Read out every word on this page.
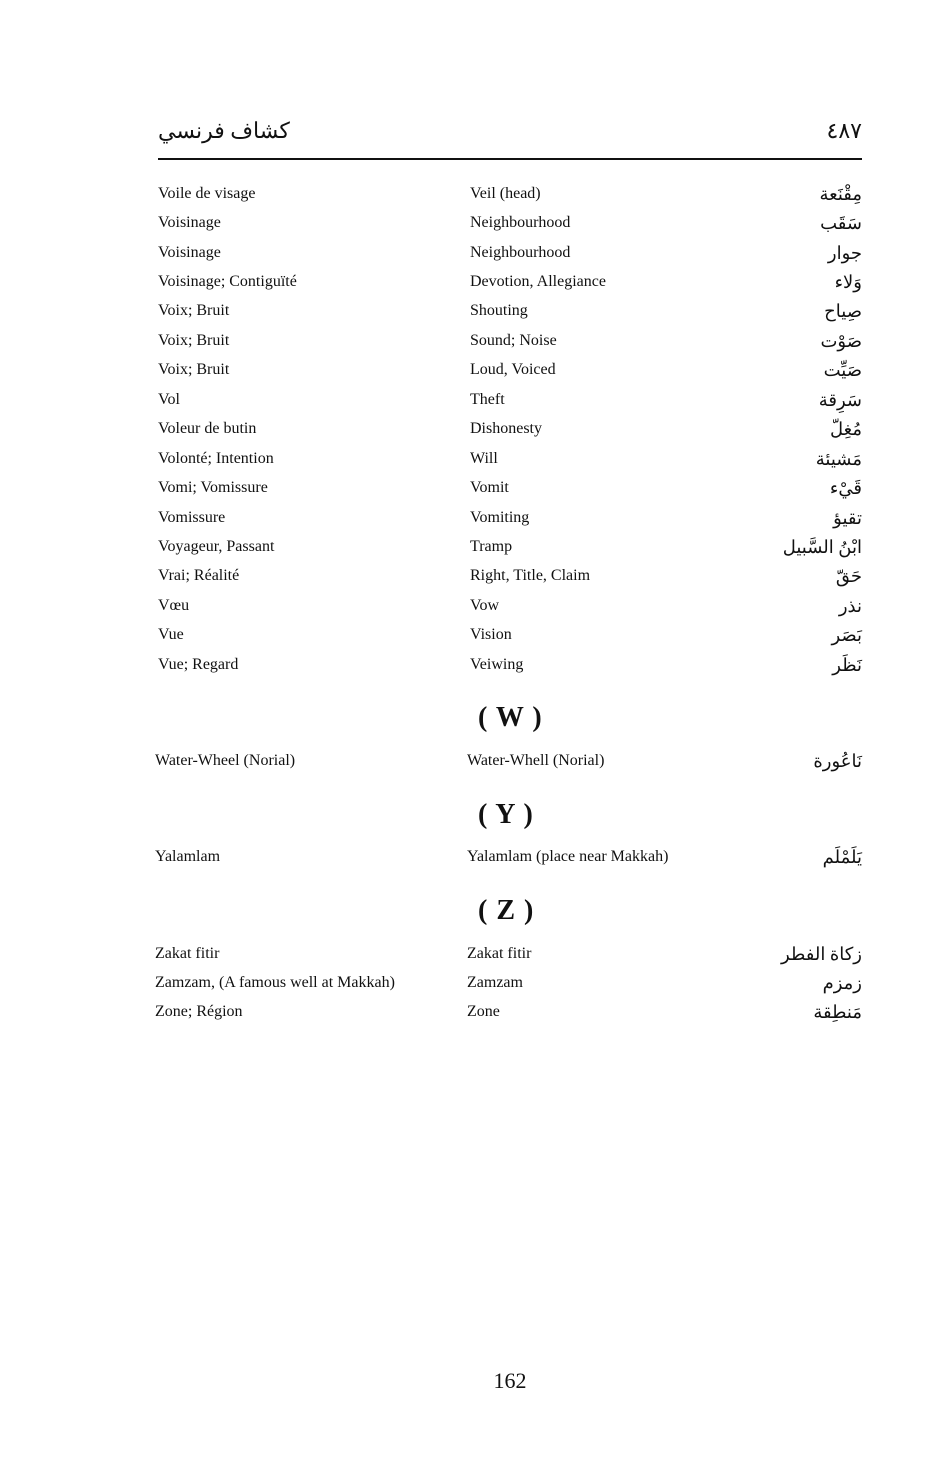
كشاف فرنسي	٤٨٧
Voile de visage	Veil (head)	مِقْنَعة
Voisinage	Neighbourhood	سَقَب
Voisinage	Neighbourhood	جوار
Voisinage; Contiguïté	Devotion, Allegiance	وَلاء
Voix; Bruit	Shouting	صِياح
Voix; Bruit	Sound; Noise	صَوْت
Voix; Bruit	Loud, Voiced	صَيِّت
Vol	Theft	سَرِقة
Voleur de butin	Dishonesty	مُغِلّ
Volonté; Intention	Will	مَشيئة
Vomi; Vomissure	Vomit	قَيْء
Vomissure	Vomiting	تقيؤ
Voyageur, Passant	Tramp	ابْنُ السَّبيل
Vrai; Réalité	Right, Title, Claim	حَقّ
Vœu	Vow	نذر
Vue	Vision	بَصَر
Vue; Regard	Veiwing	نَظَر
( W )
Water-Wheel (Norial)	Water-Whell (Norial)	نَاعُورة
( Y )
Yalamlam	Yalamlam (place near Makkah)	يَلَمْلَم
( Z )
Zakat fitir	Zakat fitir	زكاة الفطر
Zamzam, (A famous well at Makkah)	Zamzam	زمزم
Zone; Région	Zone	مَنطِقة
162
